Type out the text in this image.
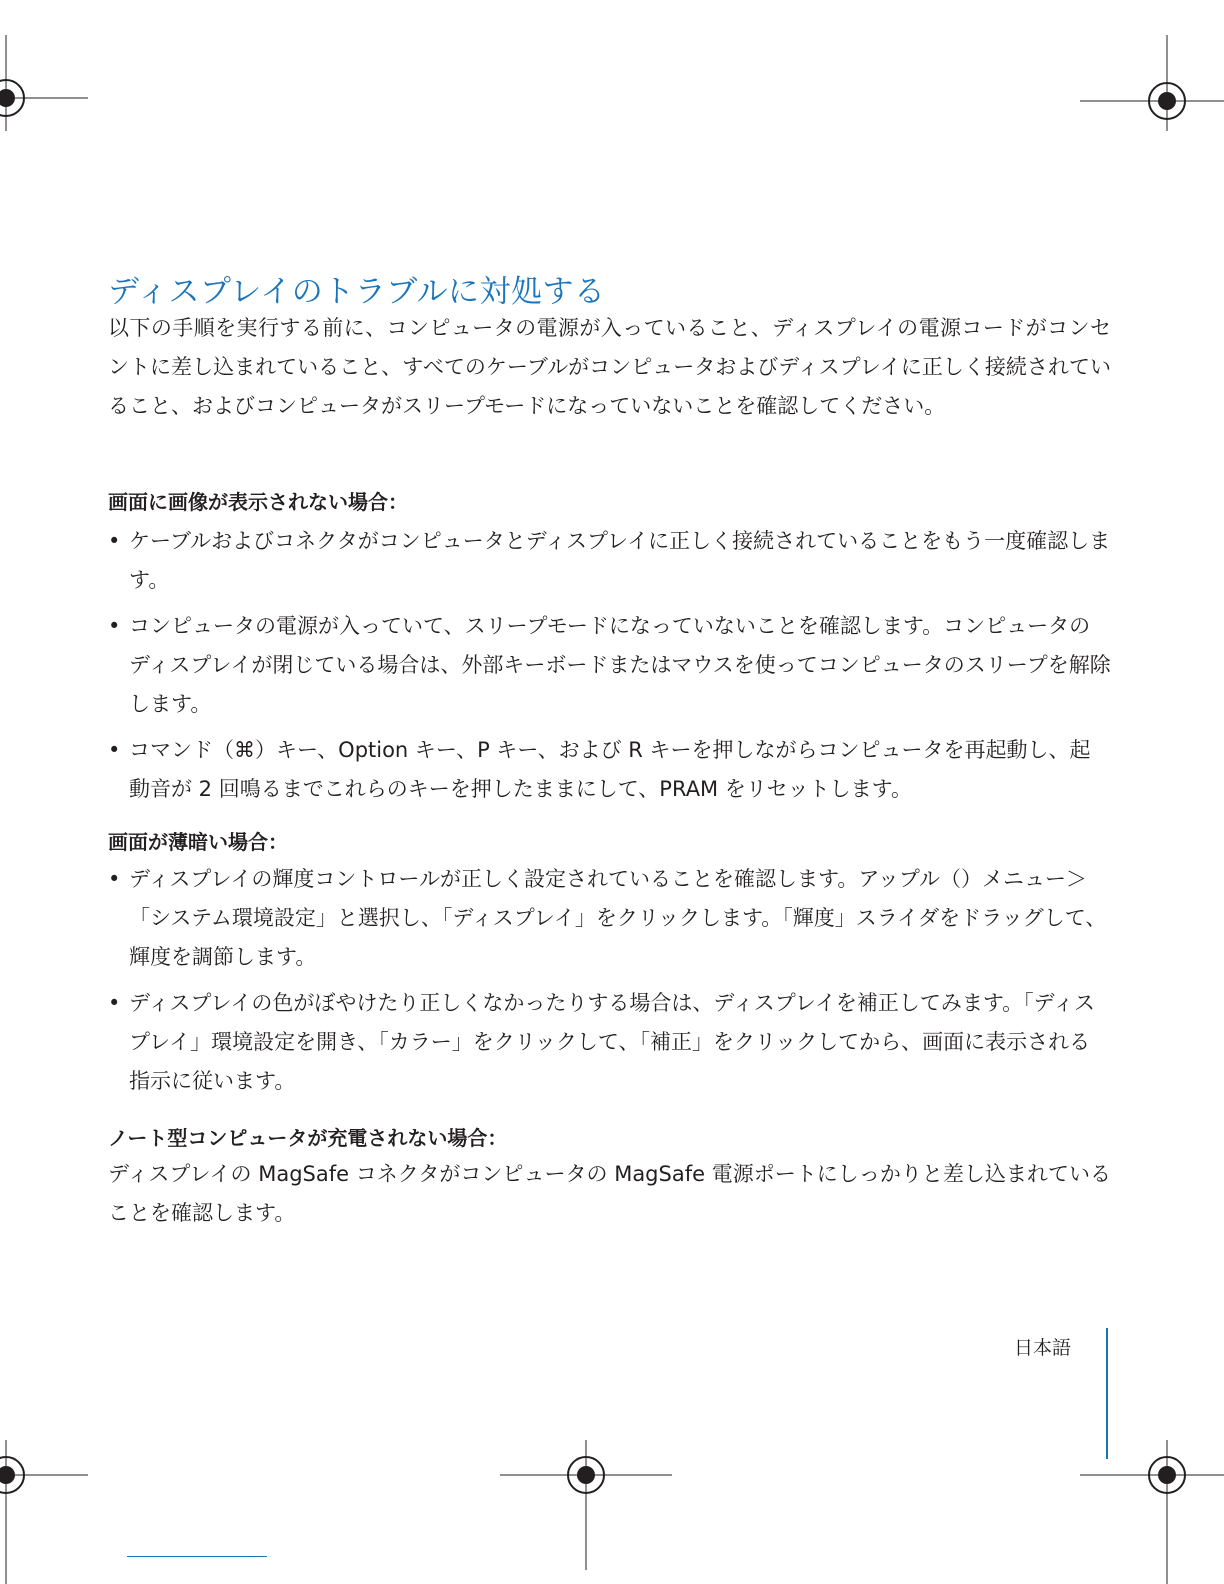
ディスプレイのトラブルに対処する

以下の手順を実行する前に、コンピュータの電源が入っていること、ディスプレイの電源コードがコンセントに差し込まれていること、すべてのケーブルがコンピュータおよびディスプレイに正しく接続されていること、およびコンピュータがスリープモードになっていないことを確認してください。

画面に画像が表示されない場合：
• ケーブルおよびコネクタがコンピュータとディスプレイに正しく接続されていることをもう一度確認します。
• コンピュータの電源が入っていて、スリープモードになっていないことを確認します。コンピュータのディスプレイが閉じている場合は、外部キーボードまたはマウスを使ってコンピュータのスリープを解除します。
• コマンド（⌘）キー、Option キー、P キー、および R キーを押しながらコンピュータを再起動し、起動音が 2 回鳴るまでこれらのキーを押したままにして、PRAM をリセットします。
画面が薄暗い場合：
• ディスプレイの輝度コントロールが正しく設定されていることを確認します。アップル（）メニュー＞「システム環境設定」と選択し、「ディスプレイ」をクリックします。「輝度」スライダをドラッグして、輝度を調節します。
• ディスプレイの色がぼやけたり正しくなかったりする場合は、ディスプレイを補正してみます。「ディスプレイ」環境設定を開き、「カラー」をクリックして、「補正」をクリックしてから、画面に表示される指示に従います。
ノート型コンピュータが充電されない場合：

ディスプレイの MagSafe コネクタがコンピュータの MagSafe 電源ポートにしっかりと差し込まれていることを確認します。

日本語
